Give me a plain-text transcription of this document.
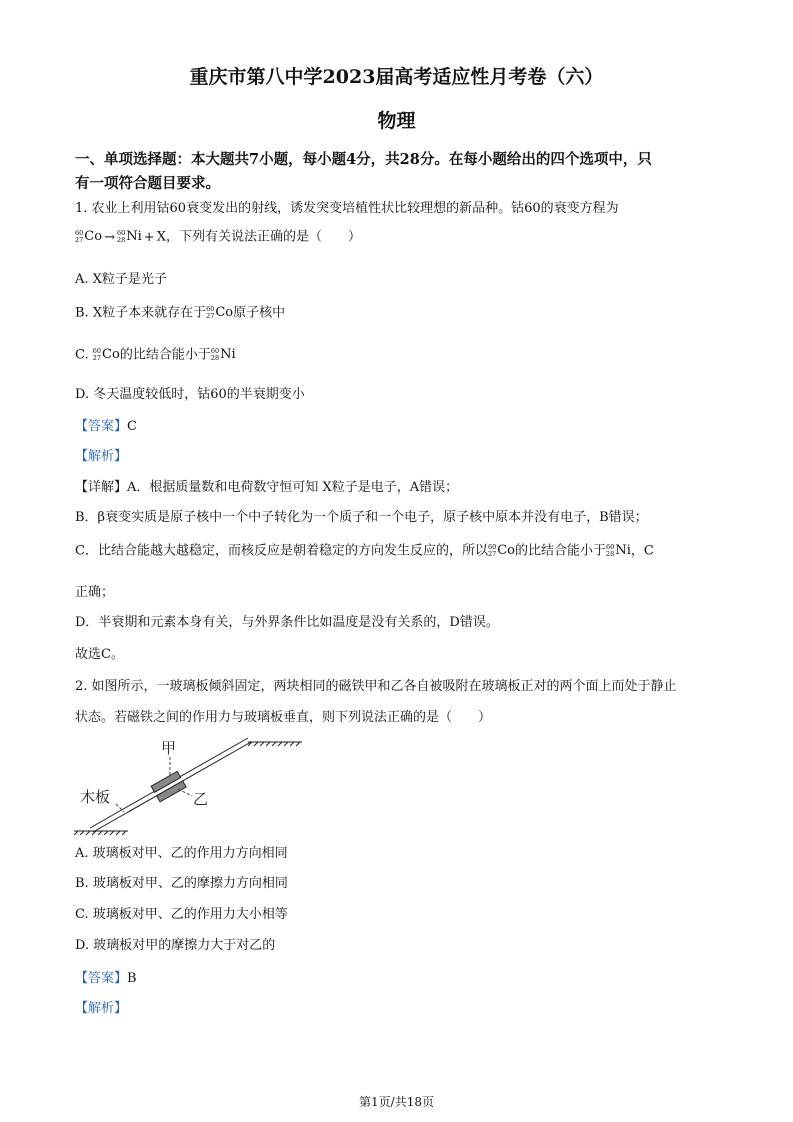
重庆市第八中学2023届高考适应性月考卷（六）
物理
一、单项选择题：本大题共7小题，每小题4分，共28分。在每小题给出的四个选项中，只
有一项符合题目要求。
1. 农业上利用钴60衰变发出的射线，诱发突变培植性状比较理想的新品种。钴60的衰变方程为
60
27Co → 60
28Ni + X，下列有关说法正确的是（　　）
A. X粒子是光子
B. X粒子本来就存在于60
27Co原子核中
C. 60
27Co的比结合能小于60
28Ni
D. 冬天温度较低时，钴60的半衰期变小
【答案】C
【解析】
【详解】A．根据质量数和电荷数守恒可知 X粒子是电子，A错误；
B．β衰变实质是原子核中一个中子转化为一个质子和一个电子，原子核中原本并没有电子，B错误；
C．比结合能越大越稳定，而核反应是朝着稳定的方向发生反应的，所以60
27Co的比结合能小于60
28Ni，C
正确；
D．半衰期和元素本身有关，与外界条件比如温度是没有关系的，D错误。
故选C。
2. 如图所示，一玻璃板倾斜固定，两块相同的磁铁甲和乙各自被吸附在玻璃板正对的两个面上而处于静止
状态。若磁铁之间的作用力与玻璃板垂直，则下列说法正确的是（　　）
甲
乙
木板
A. 玻璃板对甲、乙的作用力方向相同
B. 玻璃板对甲、乙的摩擦力方向相同
C. 玻璃板对甲、乙的作用力大小相等
D. 玻璃板对甲的摩擦力大于对乙的
【答案】B
【解析】
第1页/共18页
